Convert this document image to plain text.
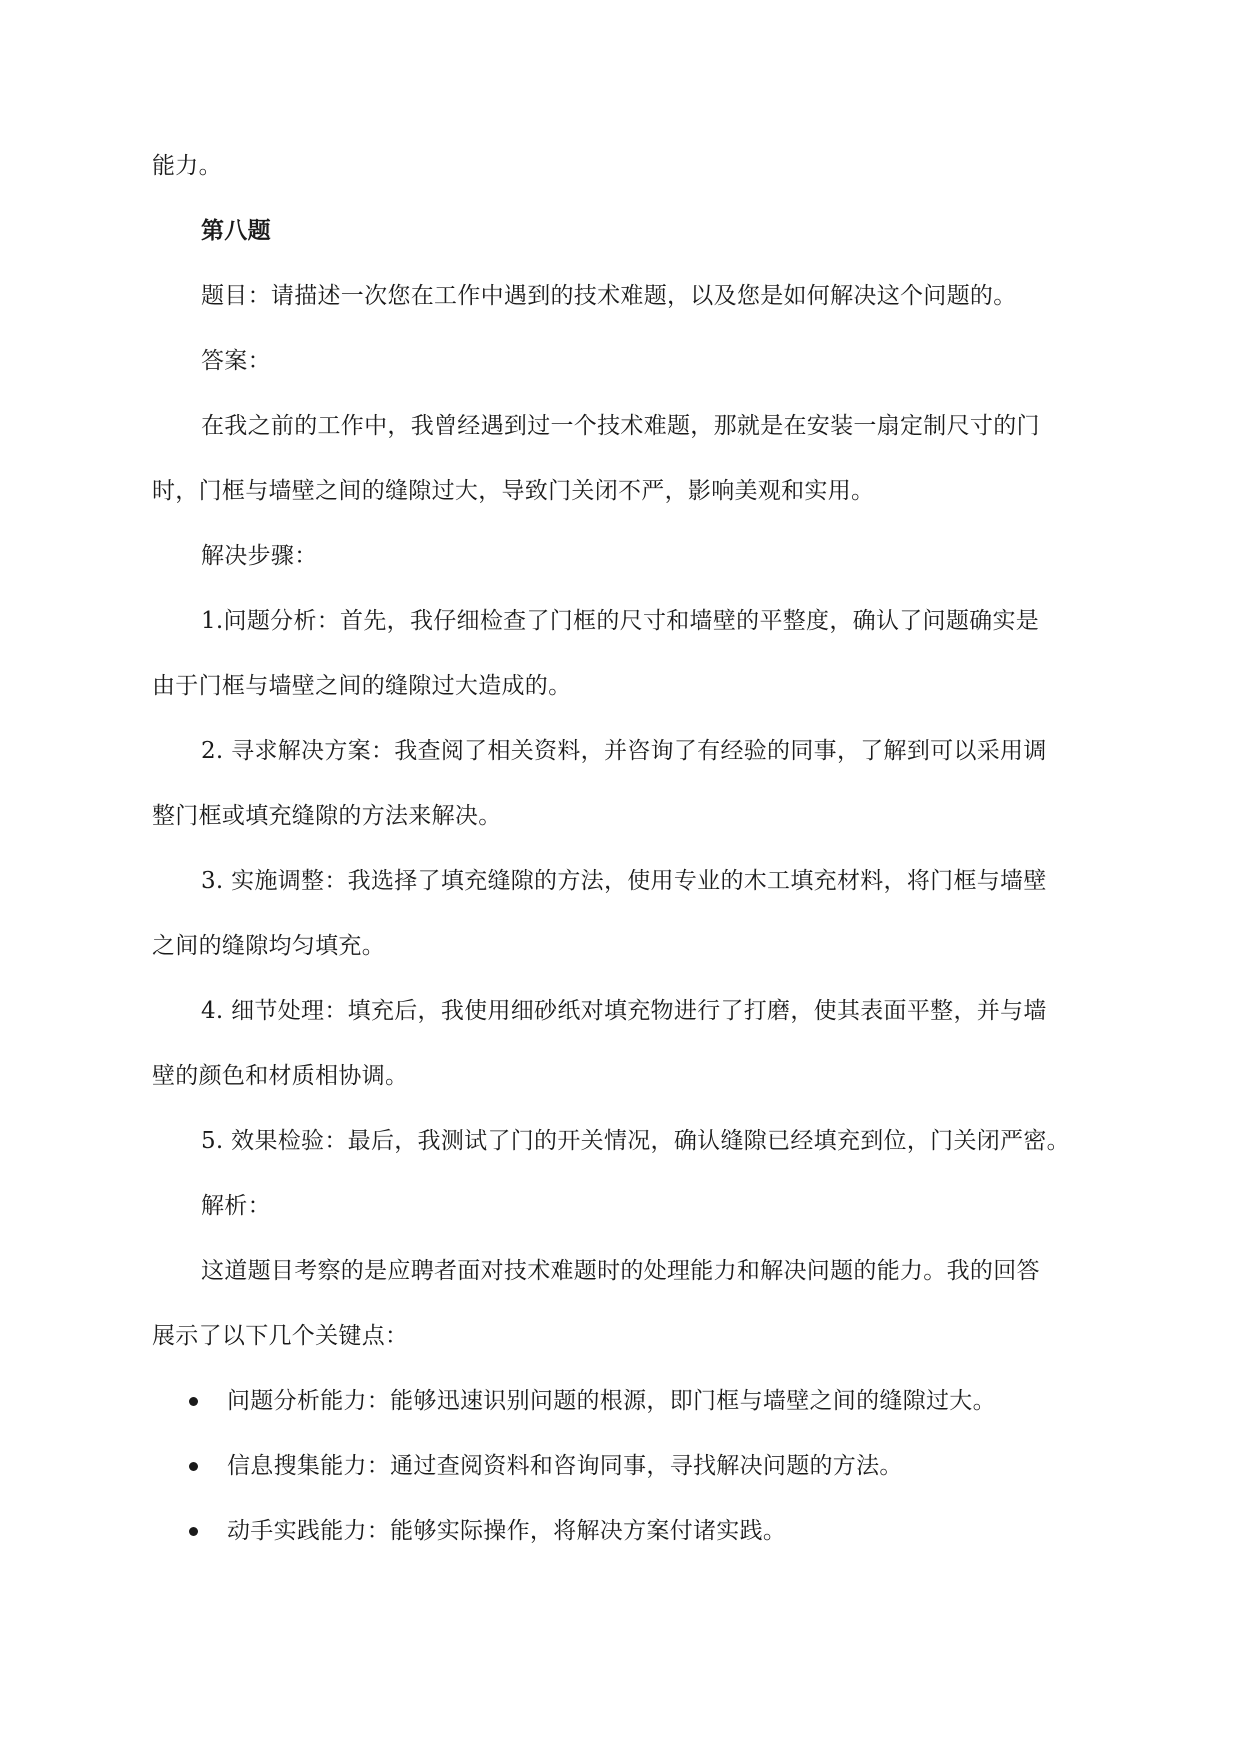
能力。
第八题
题目：请描述一次您在工作中遇到的技术难题，以及您是如何解决这个问题的。
答案：
在我之前的工作中，我曾经遇到过一个技术难题，那就是在安装一扇定制尺寸的门
时，门框与墙壁之间的缝隙过大，导致门关闭不严，影响美观和实用。
解决步骤：
1.问题分析：首先，我仔细检查了门框的尺寸和墙壁的平整度，确认了问题确实是
由于门框与墙壁之间的缝隙过大造成的。
2. 寻求解决方案：我查阅了相关资料，并咨询了有经验的同事，了解到可以采用调
整门框或填充缝隙的方法来解决。
3. 实施调整：我选择了填充缝隙的方法，使用专业的木工填充材料，将门框与墙壁
之间的缝隙均匀填充。
4. 细节处理：填充后，我使用细砂纸对填充物进行了打磨，使其表面平整，并与墙
壁的颜色和材质相协调。
5. 效果检验：最后，我测试了门的开关情况，确认缝隙已经填充到位，门关闭严密。
解析：
这道题目考察的是应聘者面对技术难题时的处理能力和解决问题的能力。我的回答
展示了以下几个关键点：
问题分析能力：能够迅速识别问题的根源，即门框与墙壁之间的缝隙过大。
信息搜集能力：通过查阅资料和咨询同事，寻找解决问题的方法。
动手实践能力：能够实际操作，将解决方案付诸实践。
